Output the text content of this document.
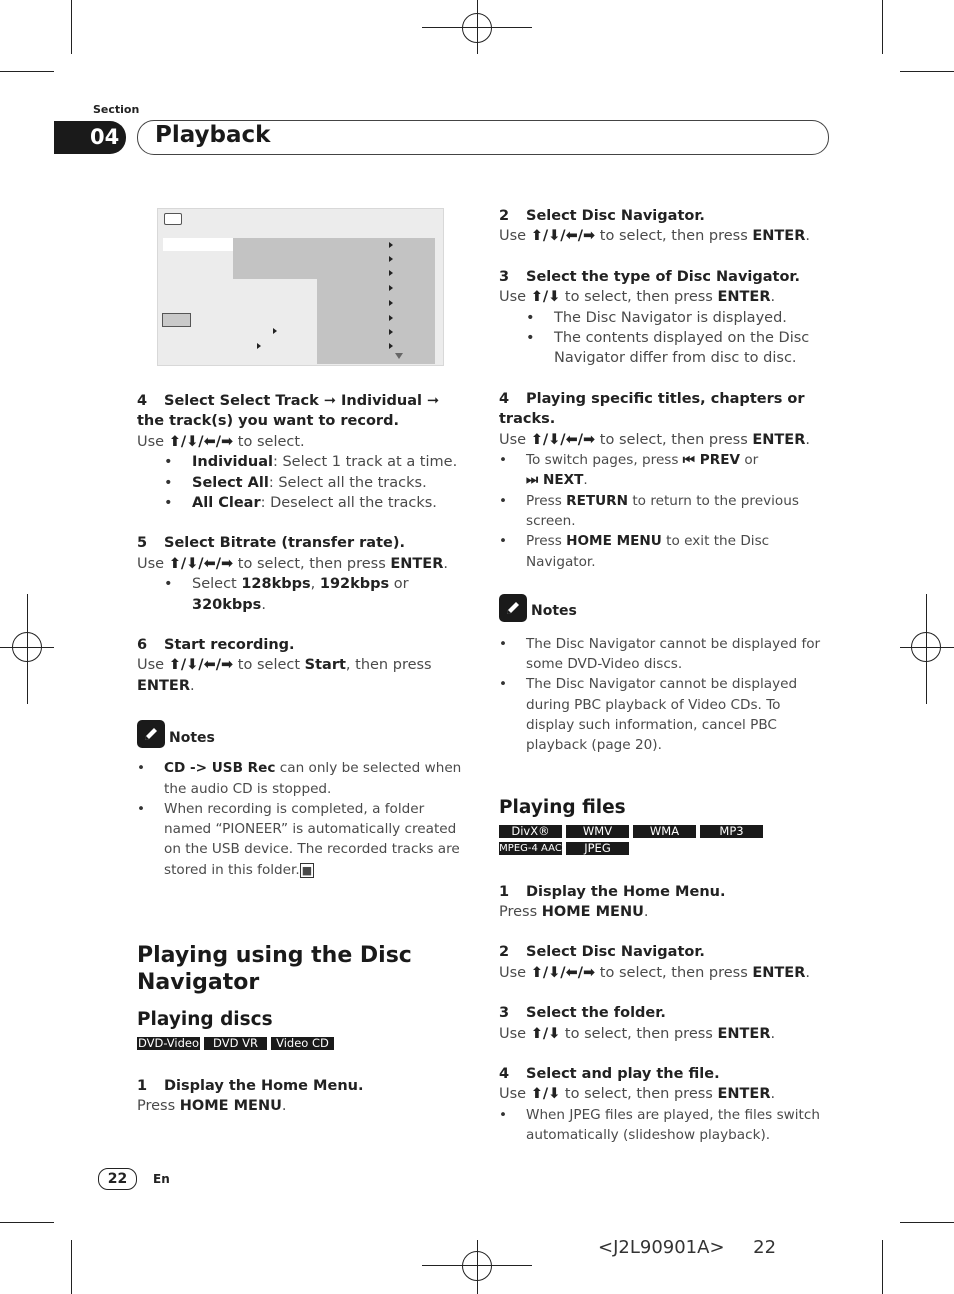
Section
04 Playback

4 Select Select Track ➞ Individual ➞ the track(s) you want to record.

Use ⬆/⬇/⬅/➡ to select.

• Individual: Select 1 track at a time.
• Select All: Select all the tracks.
• All Clear: Deselect all the tracks.

5 Select Bitrate (transfer rate).

Use ⬆/⬇/⬅/➡ to select, then press ENTER.

• Select 128kbps, 192kbps or 320kbps.

6 Start recording.

Use ⬆/⬇/⬅/➡ to select Start, then press ENTER.

Notes
• CD -> USB Rec can only be selected when the audio CD is stopped.
• When recording is completed, a folder named “PIONEER” is automatically created on the USB device. The recorded tracks are stored in this folder. ■
Playing using the Disc Navigator
Playing discs
DVD-Video	DVD VR	Video CD

1 Display the Home Menu.

Press HOME MENU.

2 Select Disc Navigator.

Use ⬆/⬇/⬅/➡ to select, then press ENTER.

3 Select the type of Disc Navigator.

Use ⬆/⬇ to select, then press ENTER.

• The Disc Navigator is displayed.
• The contents displayed on the Disc Navigator differ from disc to disc.

4 Playing specific titles, chapters or tracks.

Use ⬆/⬇/⬅/➡ to select, then press ENTER.

• To switch pages, press ⏮ PREV or
⏭ NEXT.
• Press RETURN to return to the previous screen.
• Press HOME MENU to exit the Disc Navigator.
Notes
• The Disc Navigator cannot be displayed for some DVD-Video discs.
• The Disc Navigator cannot be displayed during PBC playback of Video CDs. To display such information, cancel PBC playback (page 20).
Playing files
DivX®	WMV	WMA	MP3
MPEG-4 AAC	JPEG

1 Display the Home Menu.

Press HOME MENU.

2 Select Disc Navigator.

Use ⬆/⬇/⬅/➡ to select, then press ENTER.

3 Select the folder.

Use ⬆/⬇ to select, then press ENTER.

4 Select and play the file.

Use ⬆/⬇ to select, then press ENTER.

• When JPEG files are played, the files switch automatically (slideshow playback).
22	En
<J2L90901A> 22
